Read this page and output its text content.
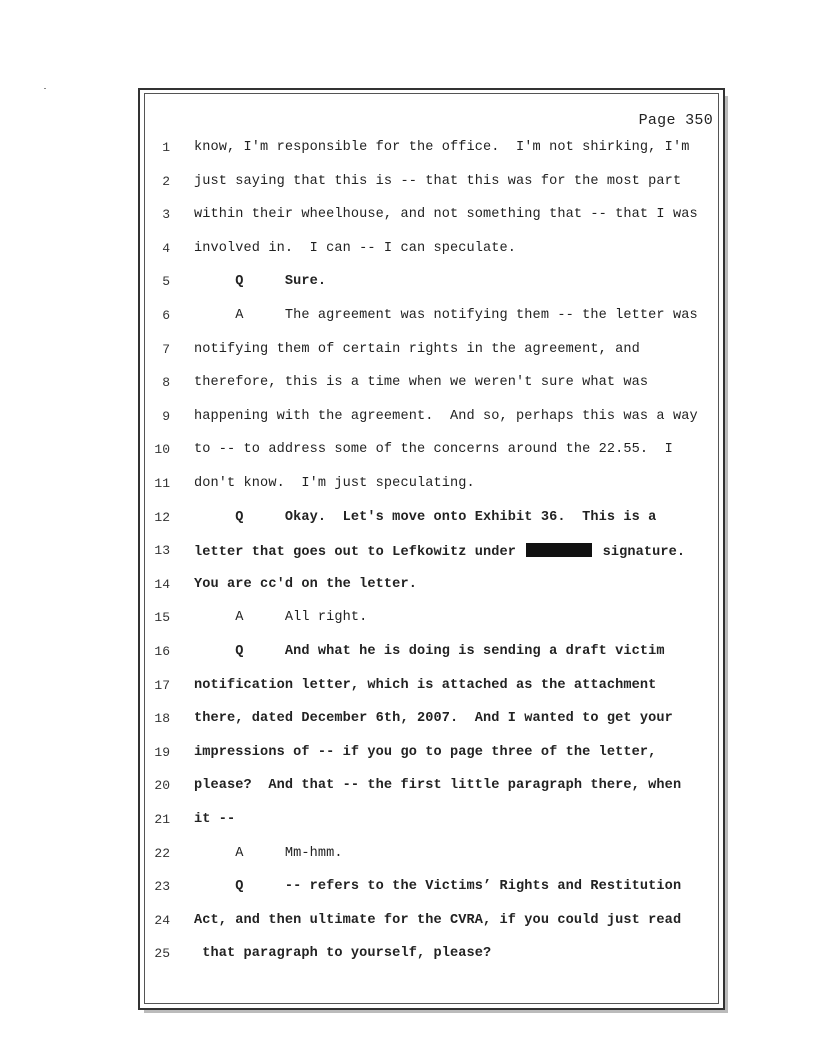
Page 350
1 know, I'm responsible for the office.  I'm not shirking, I'm
2 just saying that this is -- that this was for the most part
3 within their wheelhouse, and not something that -- that I was
4 involved in.  I can -- I can speculate.
5 Q     Sure.
6 A     The agreement was notifying them -- the letter was
7 notifying them of certain rights in the agreement, and
8 therefore, this is a time when we weren't sure what was
9 happening with the agreement.  And so, perhaps this was a way
10 to -- to address some of the concerns around the 22.55.  I
11 don't know.  I'm just speculating.
12 Q     Okay.  Let's move onto Exhibit 36.  This is a
13 letter that goes out to Lefkowitz under	signature.
14 You are cc'd on the letter.
15 A     All right.
16 Q     And what he is doing is sending a draft victim
17 notification letter, which is attached as the attachment
18 there, dated December 6th, 2007.  And I wanted to get your
19 impressions of -- if you go to page three of the letter,
20 please?  And that -- the first little paragraph there, when
21 it --
22 A     Mm-hmm.
23 Q     -- refers to the Victims’ Rights and Restitution
24 Act, and then ultimate for the CVRA, if you could just read
25 that paragraph to yourself, please?
